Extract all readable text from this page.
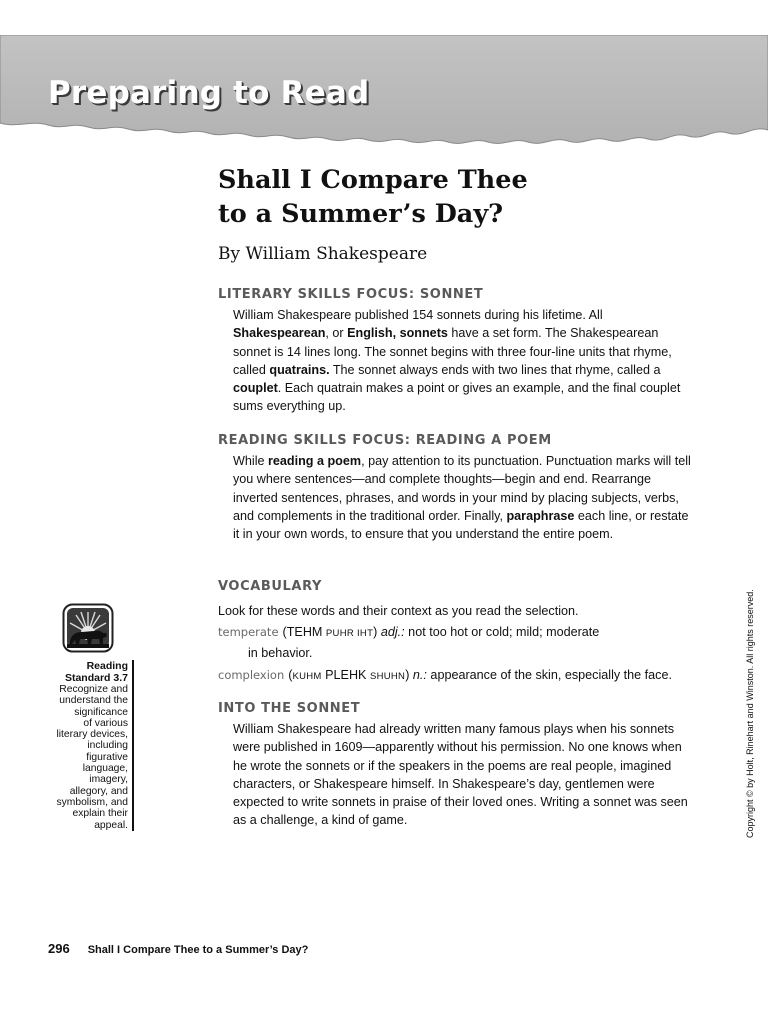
Preparing to Read
Shall I Compare Thee
to a Summer’s Day?
By William Shakespeare
LITERARY SKILLS FOCUS: SONNET

William Shakespeare published 154 sonnets during his lifetime. All Shakespearean, or English, sonnets have a set form. The Shakespearean sonnet is 14 lines long. The sonnet begins with three four-line units that rhyme, called quatrains. The sonnet always ends with two lines that rhyme, called a couplet. Each quatrain makes a point or gives an example, and the final couplet sums everything up.

READING SKILLS FOCUS: READING A POEM

While reading a poem, pay attention to its punctuation. Punctuation marks will tell you where sentences—and complete thoughts—begin and end. Rearrange inverted sentences, phrases, and words in your mind by placing subjects, verbs, and complements in the traditional order. Finally, paraphrase each line, or restate it in your own words, to ensure that you understand the entire poem.

VOCABULARY

Look for these words and their context as you read the selection.

temperate (TEHM PUHR IHT) adj.: not too hot or cold; mild; moderate
in behavior.
complexion (KUHM PLEHK SHUHN) n.: appearance of the skin, especially the face.
INTO THE SONNET

William Shakespeare had already written many famous plays when his sonnets were published in 1609—apparently without his permission. No one knows when he wrote the sonnets or if the speakers in the poems are real people, imagined characters, or Shakespeare himself. In Shakespeare’s day, gentlemen were expected to write sonnets in praise of their loved ones. Writing a sonnet was seen as a challenge, a kind of game.

Reading

Standard 3.7

Recognize and

understand the

significance

of various

literary devices,

including

figurative

language,

imagery,

allegory, and

symbolism, and

explain their

appeal.	Copyright © by Holt, Rinehart and Winston. All rights reserved.
296 Shall I Compare Thee to a Summer’s Day?
